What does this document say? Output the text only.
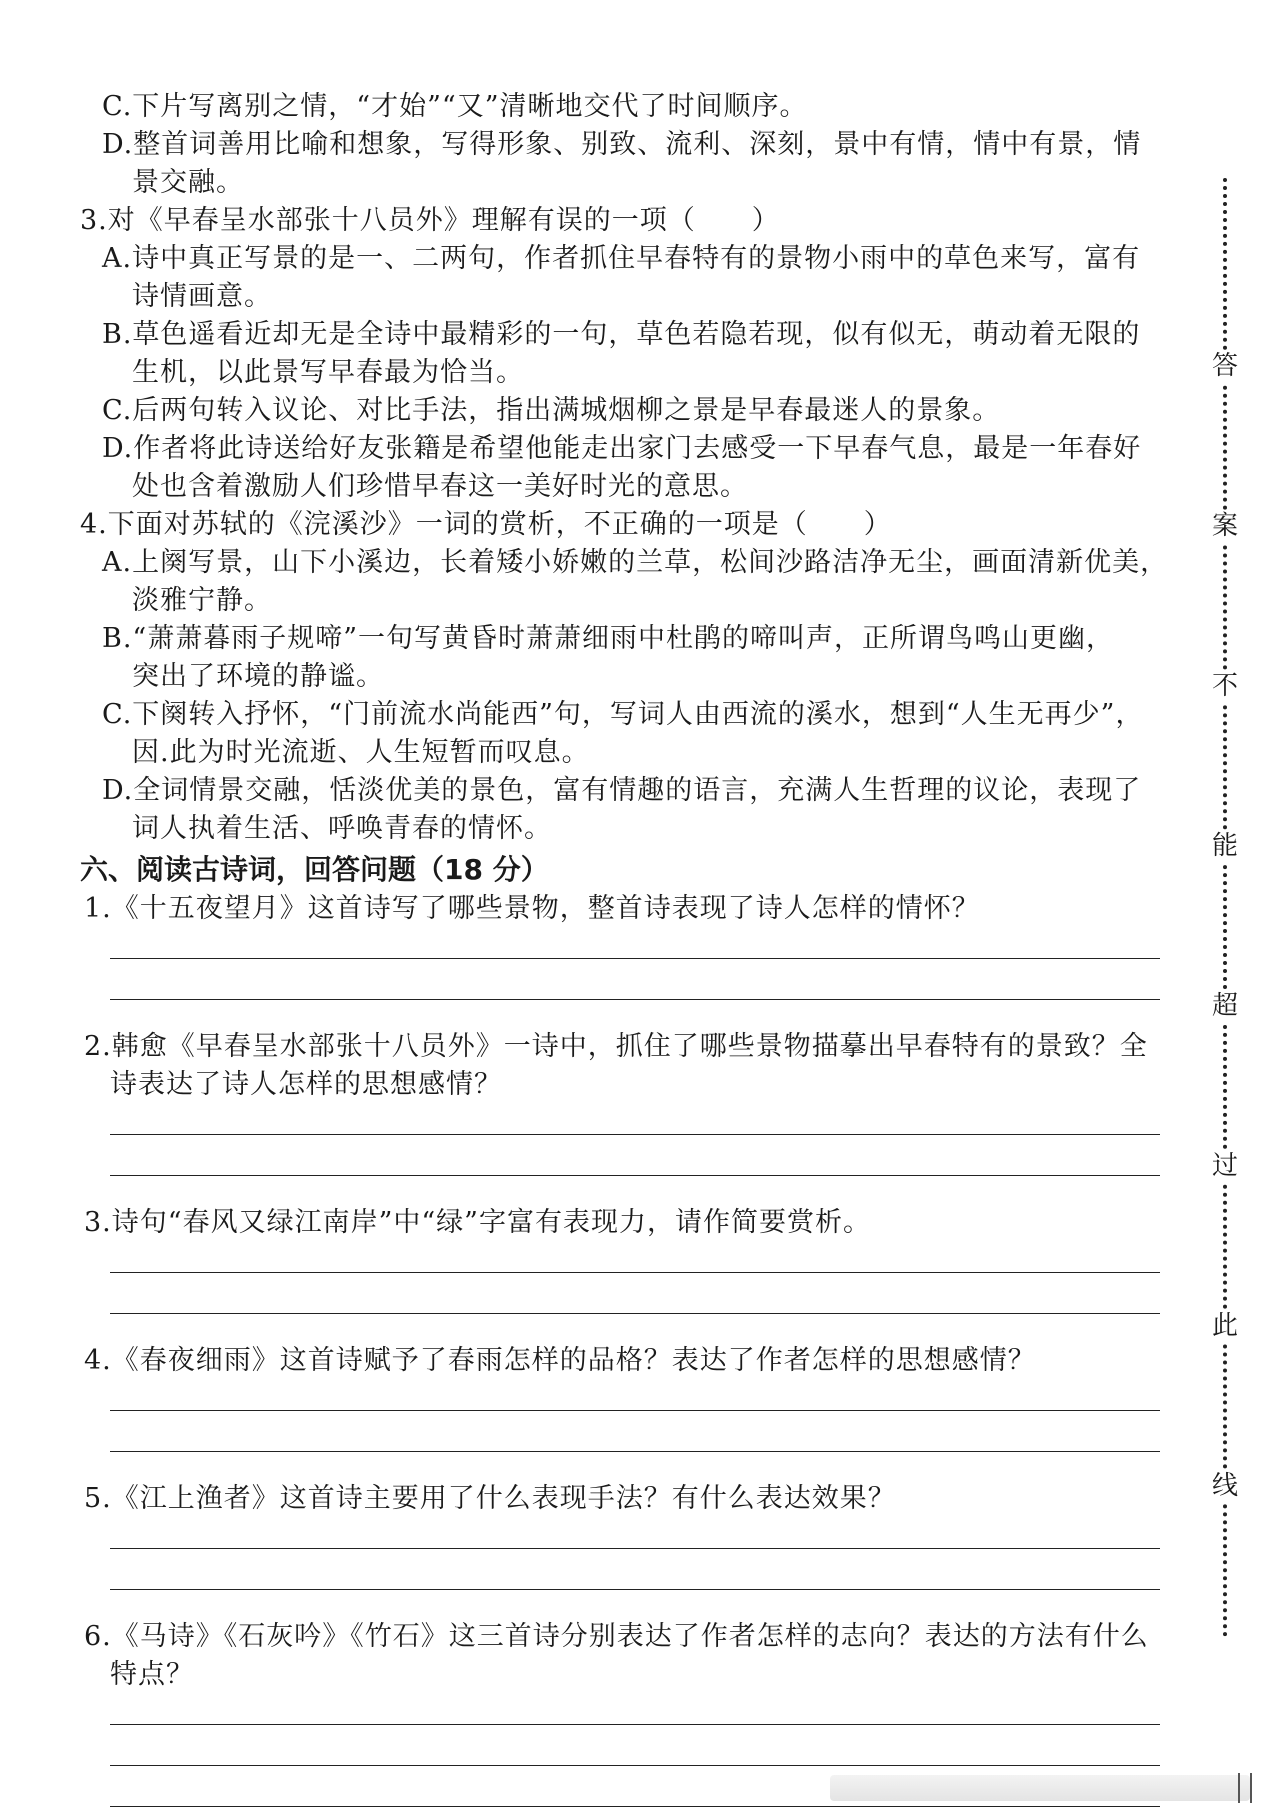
C.下片写离别之情，“才始”“又”清晰地交代了时间顺序。
D.整首词善用比喻和想象，写得形象、别致、流利、深刻，景中有情，情中有景，情
景交融。
3.对《早春呈水部张十八员外》理解有误的一项（　　）
A.诗中真正写景的是一、二两句，作者抓住早春特有的景物小雨中的草色来写，富有
诗情画意。
B.草色遥看近却无是全诗中最精彩的一句，草色若隐若现，似有似无，萌动着无限的
生机，以此景写早春最为恰当。
C.后两句转入议论、对比手法，指出满城烟柳之景是早春最迷人的景象。
D.作者将此诗送给好友张籍是希望他能走出家门去感受一下早春气息，最是一年春好
处也含着激励人们珍惜早春这一美好时光的意思。
4.下面对苏轼的《浣溪沙》一词的赏析，不正确的一项是（　　）
A.上阕写景，山下小溪边，长着矮小娇嫩的兰草，松间沙路洁净无尘，画面清新优美，
淡雅宁静。
B.“萧萧暮雨子规啼”一句写黄昏时萧萧细雨中杜鹃的啼叫声，正所谓鸟鸣山更幽，
突出了环境的静谧。
C.下阕转入抒怀，“门前流水尚能西”句，写词人由西流的溪水，想到“人生无再少”，
因.此为时光流逝、人生短暂而叹息。
D.全词情景交融，恬淡优美的景色，富有情趣的语言，充满人生哲理的议论，表现了
词人执着生活、呼唤青春的情怀。
六、阅读古诗词，回答问题（18 分）
1.《十五夜望月》这首诗写了哪些景物，整首诗表现了诗人怎样的情怀？
2.韩愈《早春呈水部张十八员外》一诗中，抓住了哪些景物描摹出早春特有的景致？全
诗表达了诗人怎样的思想感情？
3.诗句“春风又绿江南岸”中“绿”字富有表现力，请作简要赏析。
4.《春夜细雨》这首诗赋予了春雨怎样的品格？表达了作者怎样的思想感情？
5.《江上渔者》这首诗主要用了什么表现手法？有什么表达效果？
6.《马诗》《石灰吟》《竹石》这三首诗分别表达了作者怎样的志向？表达的方法有什么
特点？
答
案
不
能
超
过
此
线
